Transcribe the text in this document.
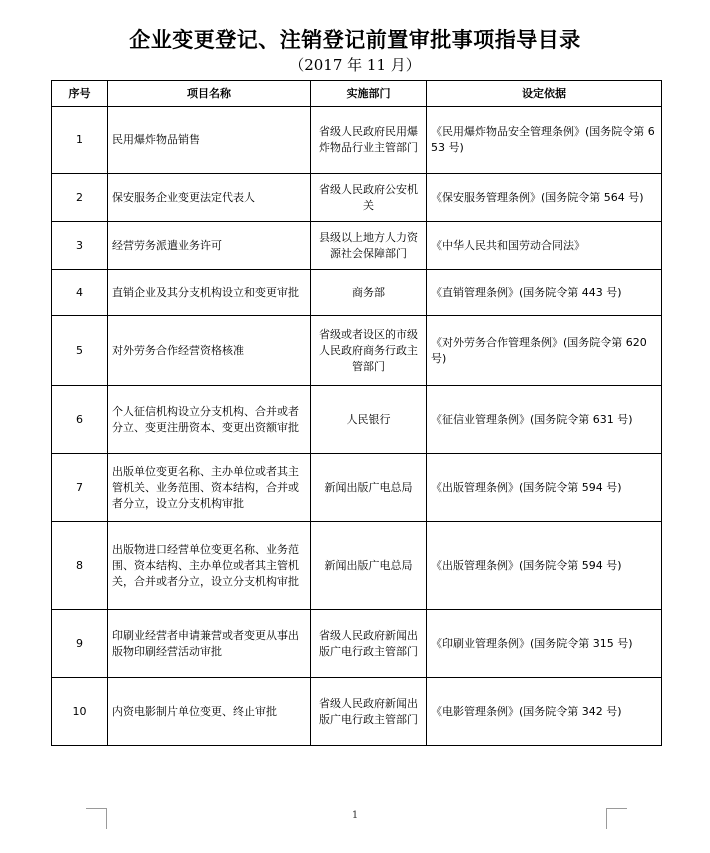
企业变更登记、注销登记前置审批事项指导目录
（2017 年 11 月）
序号	项目名称	实施部门	设定依据
1	民用爆炸物品销售	省级人民政府民用爆炸物品行业主管部门	《民用爆炸物品安全管理条例》(国务院令第 653 号)
2	保安服务企业变更法定代表人	省级人民政府公安机关	《保安服务管理条例》(国务院令第 564 号)
3	经营劳务派遣业务许可	县级以上地方人力资源社会保障部门	《中华人民共和国劳动合同法》
4	直销企业及其分支机构设立和变更审批	商务部	《直销管理条例》(国务院令第 443 号)
5	对外劳务合作经营资格核准	省级或者设区的市级人民政府商务行政主管部门	《对外劳务合作管理条例》(国务院令第 620 号)
6	个人征信机构设立分支机构、合并或者分立、变更注册资本、变更出资额审批	人民银行	《征信业管理条例》(国务院令第 631 号)
7	出版单位变更名称、主办单位或者其主管机关、业务范围、资本结构，合并或者分立，设立分支机构审批	新闻出版广电总局	《出版管理条例》(国务院令第 594 号)
8	出版物进口经营单位变更名称、业务范围、资本结构、主办单位或者其主管机关，合并或者分立，设立分支机构审批	新闻出版广电总局	《出版管理条例》(国务院令第 594 号)
9	印刷业经营者申请兼营或者变更从事出版物印刷经营活动审批	省级人民政府新闻出版广电行政主管部门	《印刷业管理条例》(国务院令第 315 号)
10	内资电影制片单位变更、终止审批	省级人民政府新闻出版广电行政主管部门	《电影管理条例》(国务院令第 342 号)
1
